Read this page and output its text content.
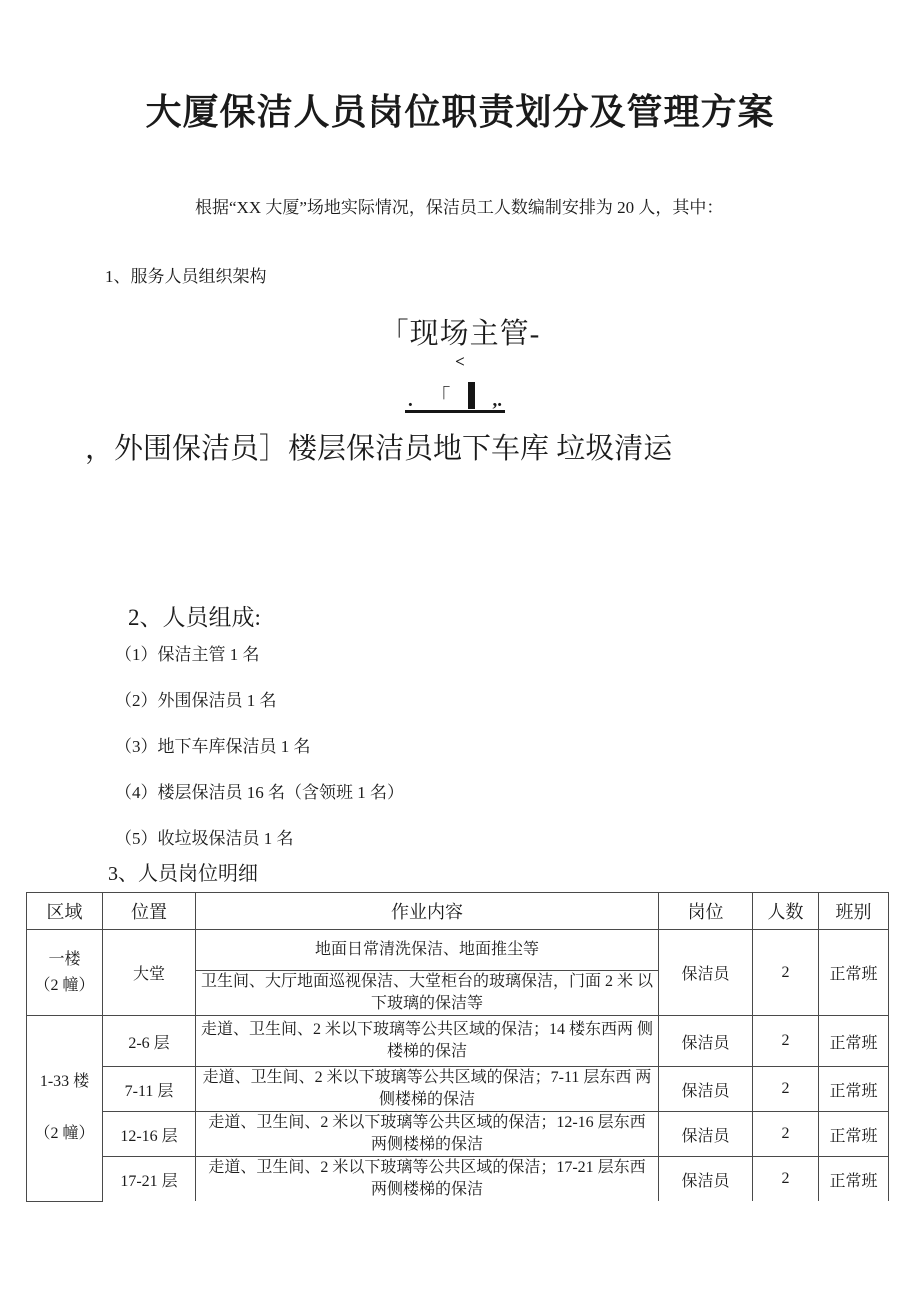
大厦保洁人员岗位职责划分及管理方案
根据“XX 大厦”场地实际情况，保洁员工人数编制安排为 20 人，其中：
1、服务人员组织架构
「现场主管-
<
. 「 ,.
，外围保洁员］楼层保洁员地下车库 垃圾清运
2、人员组成:
（1）保洁主管 1 名
（2）外围保洁员 1 名
（3）地下车库保洁员 1 名
（4）楼层保洁员 16 名（含领班 1 名）
（5）收垃圾保洁员 1 名
3、人员岗位明细
区域	位置	作业内容	岗位	人数	班别

一楼
（2 幢）	大堂	地面日常清洗保洁、地面推尘等	保洁员	2	正常班
		卫生间、大厅地面巡视保洁、大堂柜台的玻璃保洁，门面 2 米 以下玻璃的保洁等			

1-33 楼
（2 幢）	2-6 层	走道、卫生间、2 米以下玻璃等公共区域的保洁；14 楼东西两 侧楼梯的保洁	保洁员	2	正常班
	7-11 层	走道、卫生间、2 米以下玻璃等公共区域的保洁；7-11 层东西 两侧楼梯的保洁	保洁员	2	正常班
	12-16 层	走道、卫生间、2 米以下玻璃等公共区域的保洁；12-16 层东西 两侧楼梯的保洁	保洁员	2	正常班
	17-21 层	走道、卫生间、2 米以下玻璃等公共区域的保洁；17-21 层东西 两侧楼梯的保洁	保洁员	2	正常班
